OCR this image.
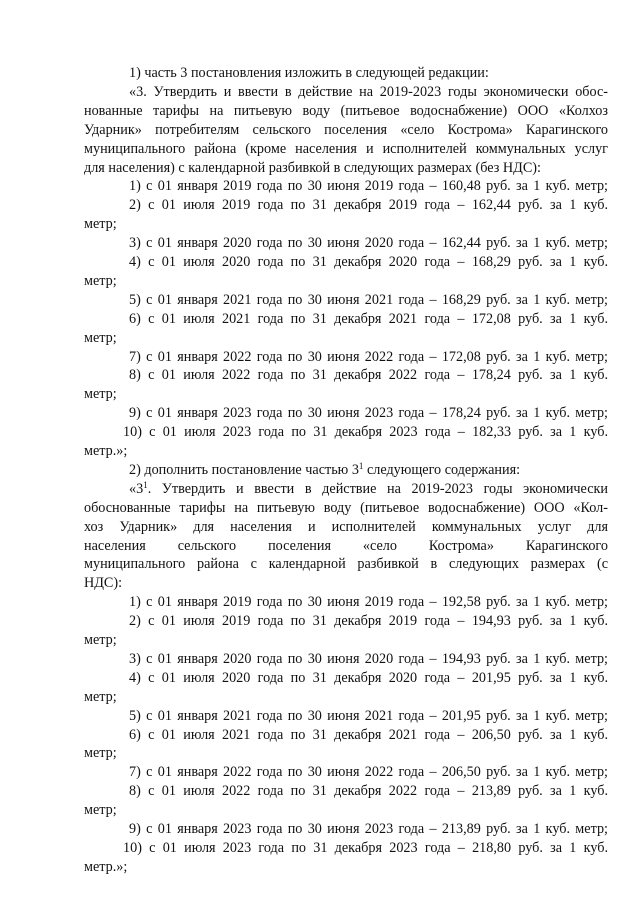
1) часть 3 постановления изложить в следующей редакции:
«3. Утвердить и ввести в действие на 2019-2023 годы экономически обос-
нованные тарифы на питьевую воду (питьевое водоснабжение) ООО «Колхоз
Ударник» потребителям сельского поселения «село Кострома» Карагинского
муниципального района (кроме населения и исполнителей коммунальных услуг
для населения) с календарной разбивкой в следующих размерах (без НДС):
1) с 01 января 2019 года по 30 июня 2019 года – 160,48 руб. за 1 куб. метр;
2) с 01 июля 2019 года по 31 декабря 2019 года – 162,44 руб. за 1 куб.
метр;
3) с 01 января 2020 года по 30 июня 2020 года – 162,44 руб. за 1 куб. метр;
4) с 01 июля 2020 года по 31 декабря 2020 года – 168,29 руб. за 1 куб.
метр;
5) с 01 января 2021 года по 30 июня 2021 года – 168,29 руб. за 1 куб. метр;
6) с 01 июля 2021 года по 31 декабря 2021 года – 172,08 руб. за 1 куб.
метр;
7) с 01 января 2022 года по 30 июня 2022 года – 172,08 руб. за 1 куб. метр;
8) с 01 июля 2022 года по 31 декабря 2022 года – 178,24 руб. за 1 куб.
метр;
9) с 01 января 2023 года по 30 июня 2023 года – 178,24 руб. за 1 куб. метр;
10) с 01 июля 2023 года по 31 декабря 2023 года – 182,33 руб. за 1 куб.
метр.»;
2) дополнить постановление частью $3^1$ следующего содержания:
«$3^1$. Утвердить и ввести в действие на 2019-2023 годы экономически
обоснованные тарифы на питьевую воду (питьевое водоснабжение) ООО «Кол-
хоз Ударник» для населения и исполнителей коммунальных услуг для
населения сельского поселения «село Кострома» Карагинского
муниципального района с календарной разбивкой в следующих размерах (с
НДС):
1) с 01 января 2019 года по 30 июня 2019 года – 192,58 руб. за 1 куб. метр;
2) с 01 июля 2019 года по 31 декабря 2019 года – 194,93 руб. за 1 куб.
метр;
3) с 01 января 2020 года по 30 июня 2020 года – 194,93 руб. за 1 куб. метр;
4) с 01 июля 2020 года по 31 декабря 2020 года – 201,95 руб. за 1 куб.
метр;
5) с 01 января 2021 года по 30 июня 2021 года – 201,95 руб. за 1 куб. метр;
6) с 01 июля 2021 года по 31 декабря 2021 года – 206,50 руб. за 1 куб.
метр;
7) с 01 января 2022 года по 30 июня 2022 года – 206,50 руб. за 1 куб. метр;
8) с 01 июля 2022 года по 31 декабря 2022 года – 213,89 руб. за 1 куб.
метр;
9) с 01 января 2023 года по 30 июня 2023 года – 213,89 руб. за 1 куб. метр;
10) с 01 июля 2023 года по 31 декабря 2023 года – 218,80 руб. за 1 куб.
метр.»;
